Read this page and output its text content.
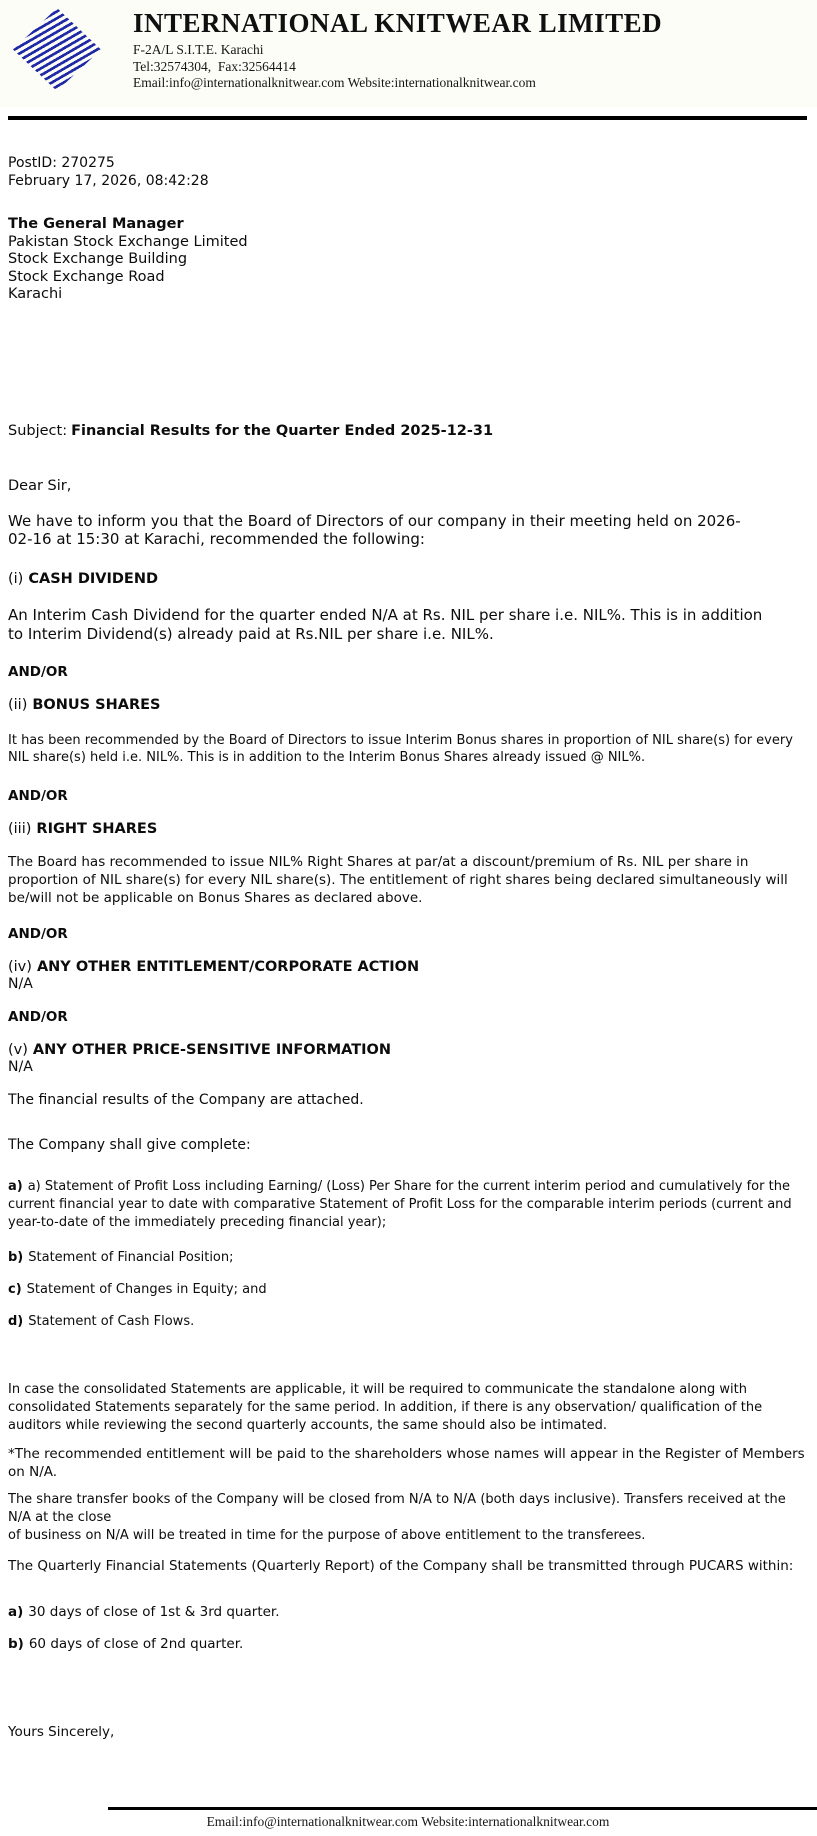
INTERNATIONAL KNITWEAR LIMITED
F-2A/L S.I.T.E. Karachi
Tel:32574304,  Fax:32564414
Email:info@internationalknitwear.com Website:internationalknitwear.com

PostID: 270275

February 17, 2026, 08:42:28

The General Manager

Pakistan Stock Exchange Limited

Stock Exchange Building

Stock Exchange Road

Karachi

Subject: Financial Results for the Quarter Ended 2025-12-31

Dear Sir,

We have to inform you that the Board of Directors of our company in their meeting held on 2026-02-16 at 15:30 at Karachi, recommended the following:

(i) CASH DIVIDEND

An Interim Cash Dividend for the quarter ended N/A at Rs. NIL per share i.e. NIL%. This is in addition to Interim Dividend(s) already paid at Rs.NIL per share i.e. NIL%.

AND/OR

(ii) BONUS SHARES

It has been recommended by the Board of Directors to issue Interim Bonus shares in proportion of NIL share(s) for every NIL share(s) held i.e. NIL%. This is in addition to the Interim Bonus Shares already issued @ NIL%.

AND/OR

(iii) RIGHT SHARES

The Board has recommended to issue NIL% Right Shares at par/at a discount/premium of Rs. NIL per share in proportion of NIL share(s) for every NIL share(s). The entitlement of right shares being declared simultaneously will be/will not be applicable on Bonus Shares as declared above.

AND/OR

(iv) ANY OTHER ENTITLEMENT/CORPORATE ACTION

N/A

AND/OR

(v) ANY OTHER PRICE-SENSITIVE INFORMATION

N/A

The financial results of the Company are attached.

The Company shall give complete:

a) a) Statement of Profit Loss including Earning/ (Loss) Per Share for the current interim period and cumulatively for the current financial year to date with comparative Statement of Profit Loss for the comparable interim periods (current and year-to-date of the immediately preceding financial year);

b) Statement of Financial Position;

c) Statement of Changes in Equity; and

d) Statement of Cash Flows.

In case the consolidated Statements are applicable, it will be required to communicate the standalone along with consolidated Statements separately for the same period. In addition, if there is any observation/ qualification of the auditors while reviewing the second quarterly accounts, the same should also be intimated.

*The recommended entitlement will be paid to the shareholders whose names will appear in the Register of Members on N/A.

The share transfer books of the Company will be closed from N/A to N/A (both days inclusive). Transfers received at the N/A at the close
of business on N/A will be treated in time for the purpose of above entitlement to the transferees.

The Quarterly Financial Statements (Quarterly Report) of the Company shall be transmitted through PUCARS within:

a) 30 days of close of 1st & 3rd quarter.

b) 60 days of close of 2nd quarter.

Yours Sincerely,

Email:info@internationalknitwear.com Website:internationalknitwear.com
